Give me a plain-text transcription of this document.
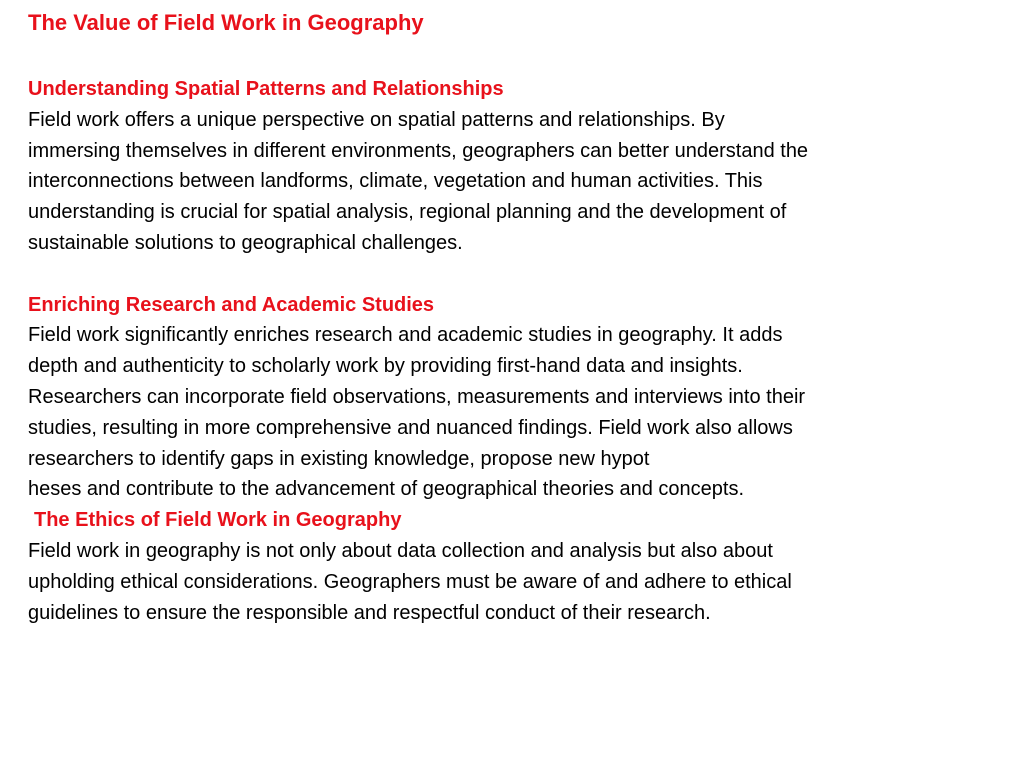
The Value of Field Work in Geography
Understanding Spatial Patterns and Relationships
Field work offers a unique perspective on spatial patterns and relationships. By
immersing themselves in different environments, geographers can better understand the
interconnections between landforms, climate, vegetation and human activities. This
understanding is crucial for spatial analysis, regional planning and the development of
sustainable solutions to geographical challenges.
Enriching Research and Academic Studies
Field work significantly enriches research and academic studies in geography. It adds
depth and authenticity to scholarly work by providing first-hand data and insights.
Researchers can incorporate field observations, measurements and interviews into their
studies, resulting in more comprehensive and nuanced findings. Field work also allows
researchers to identify gaps in existing knowledge, propose new hypot
heses and contribute to the advancement of geographical theories and concepts.
The Ethics of Field Work in Geography
Field work in geography is not only about data collection and analysis but also about
upholding ethical considerations. Geographers must be aware of and adhere to ethical
guidelines to ensure the responsible and respectful conduct of their research.
